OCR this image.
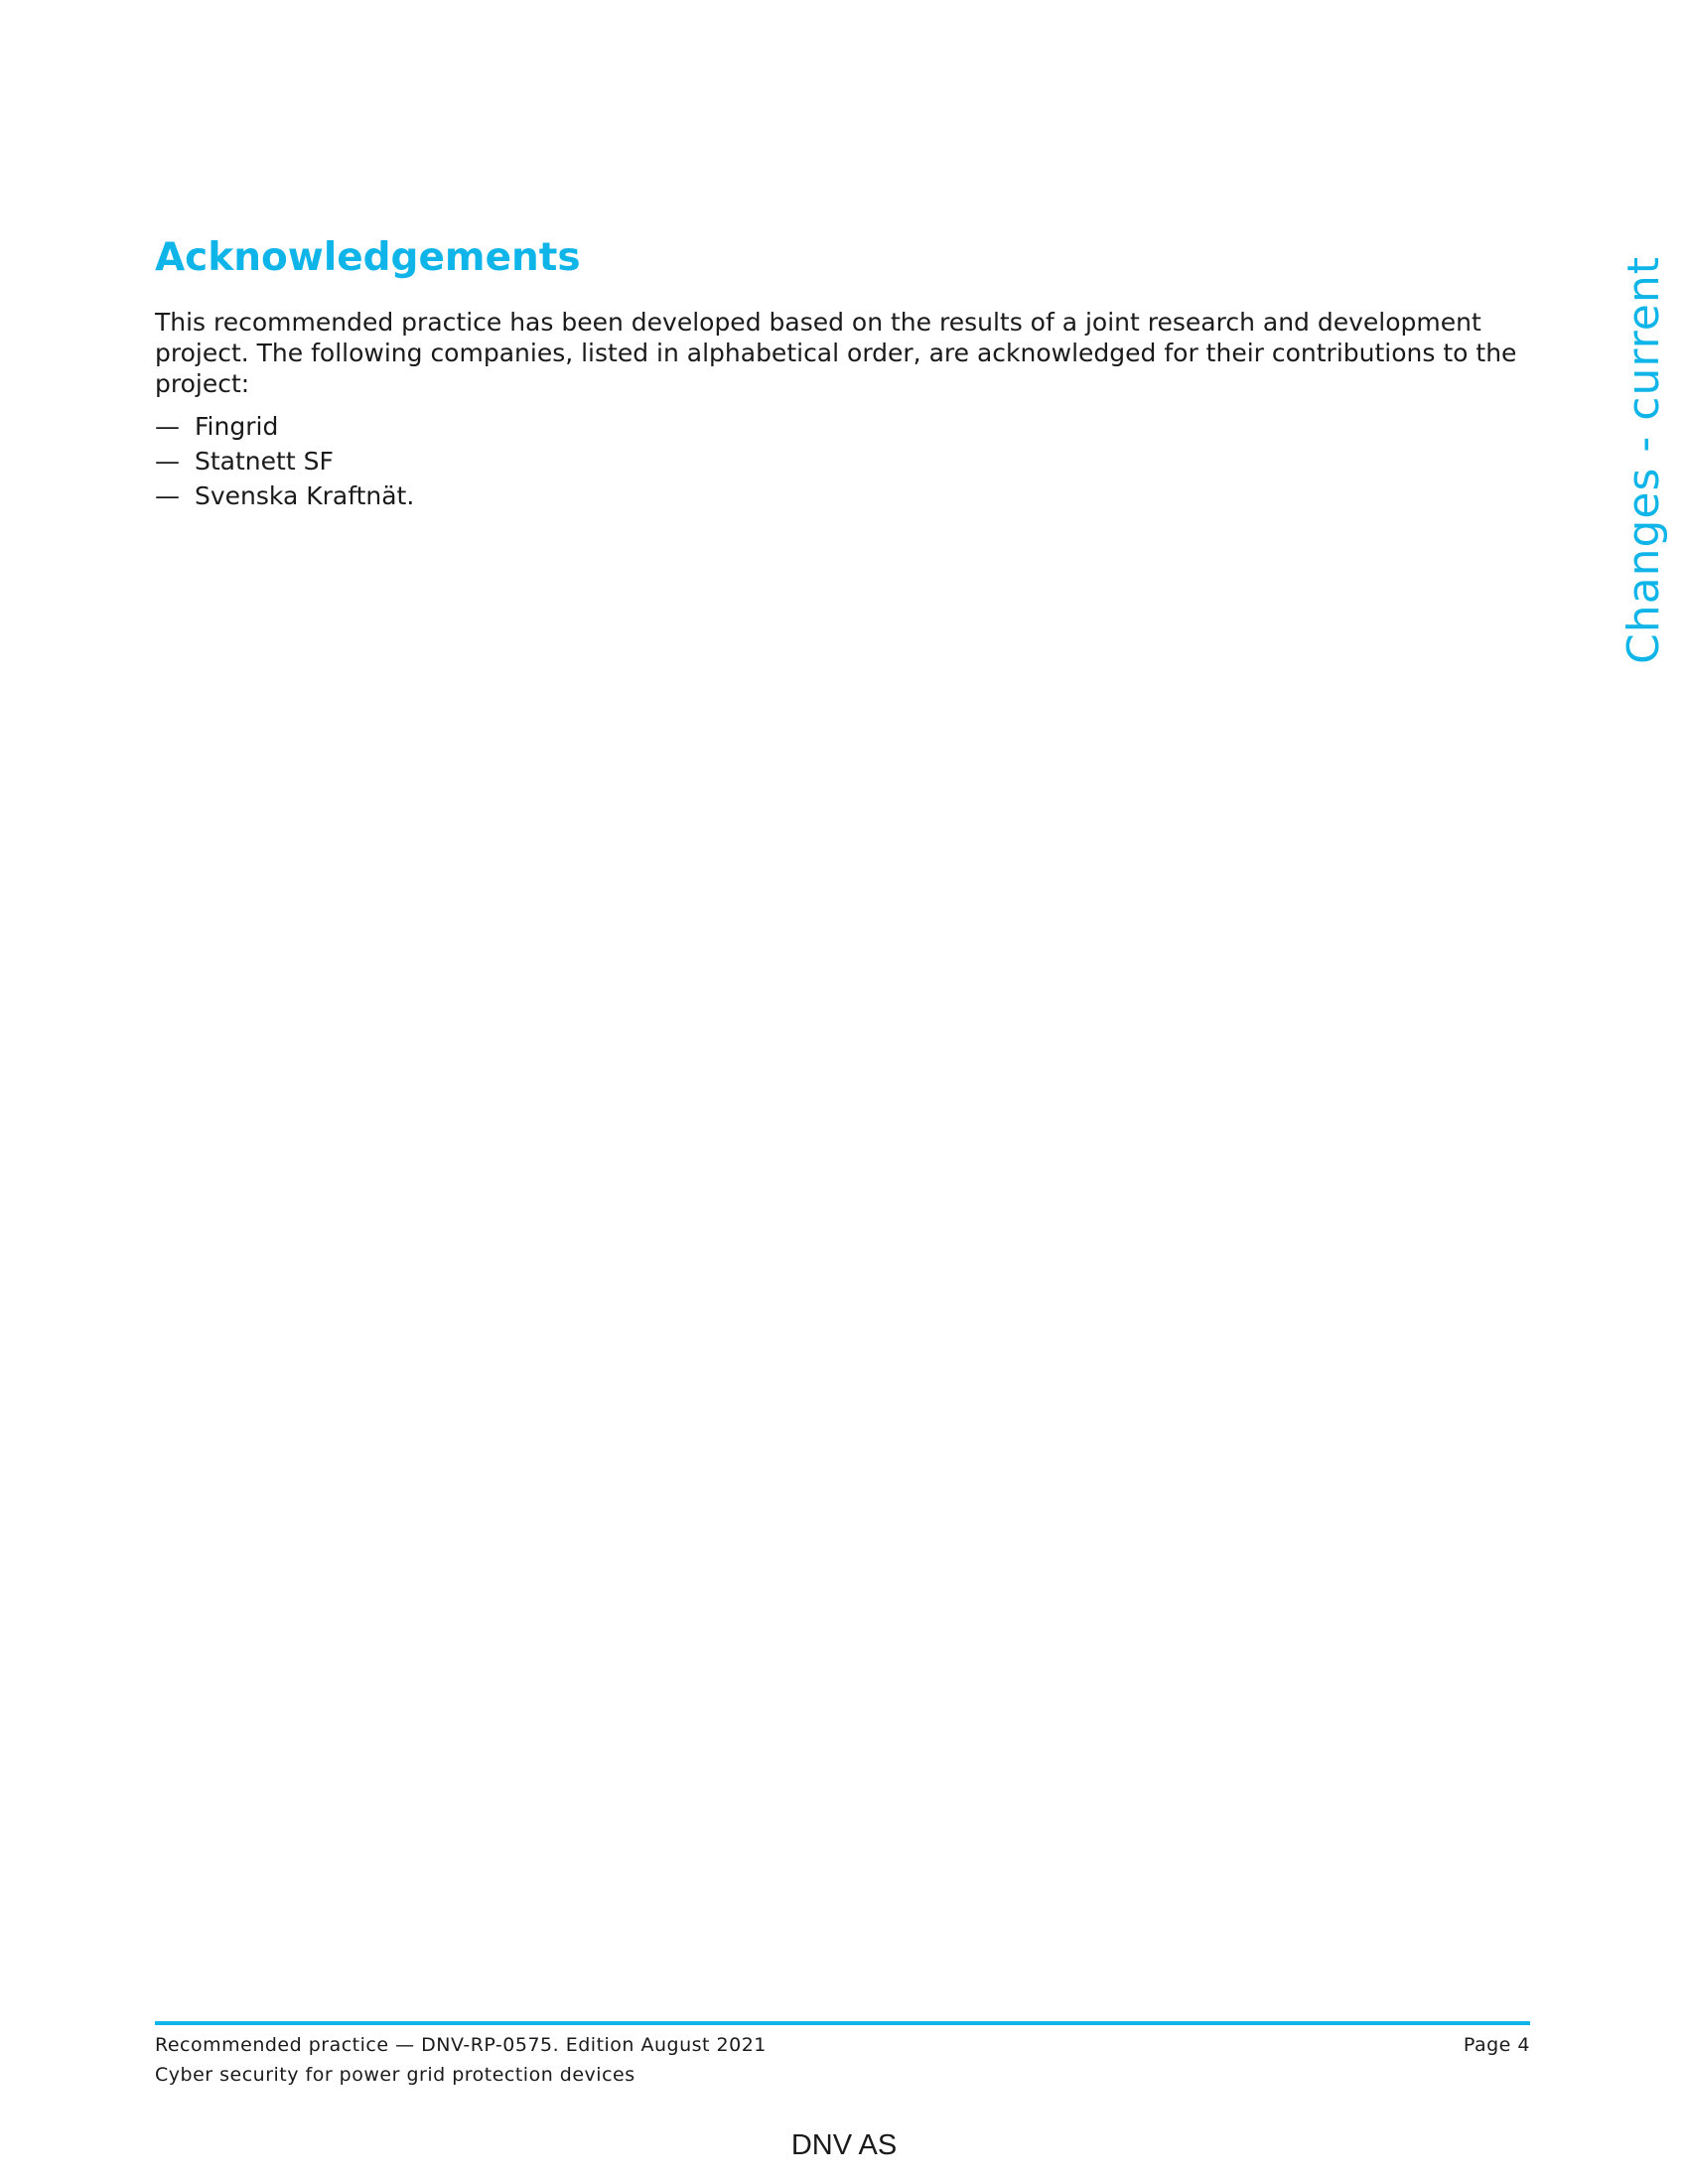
Acknowledgements

This recommended practice has been developed based on the results of a joint research and development project. The following companies, listed in alphabetical order, are acknowledged for their contributions to the project:

— Fingrid
— Statnett SF
— Svenska Kraftnät.	Changes - current
Recommended practice — DNV-RP-0575. Edition August 2021
Cyber security for power grid protection devices
Page 4
DNV AS
